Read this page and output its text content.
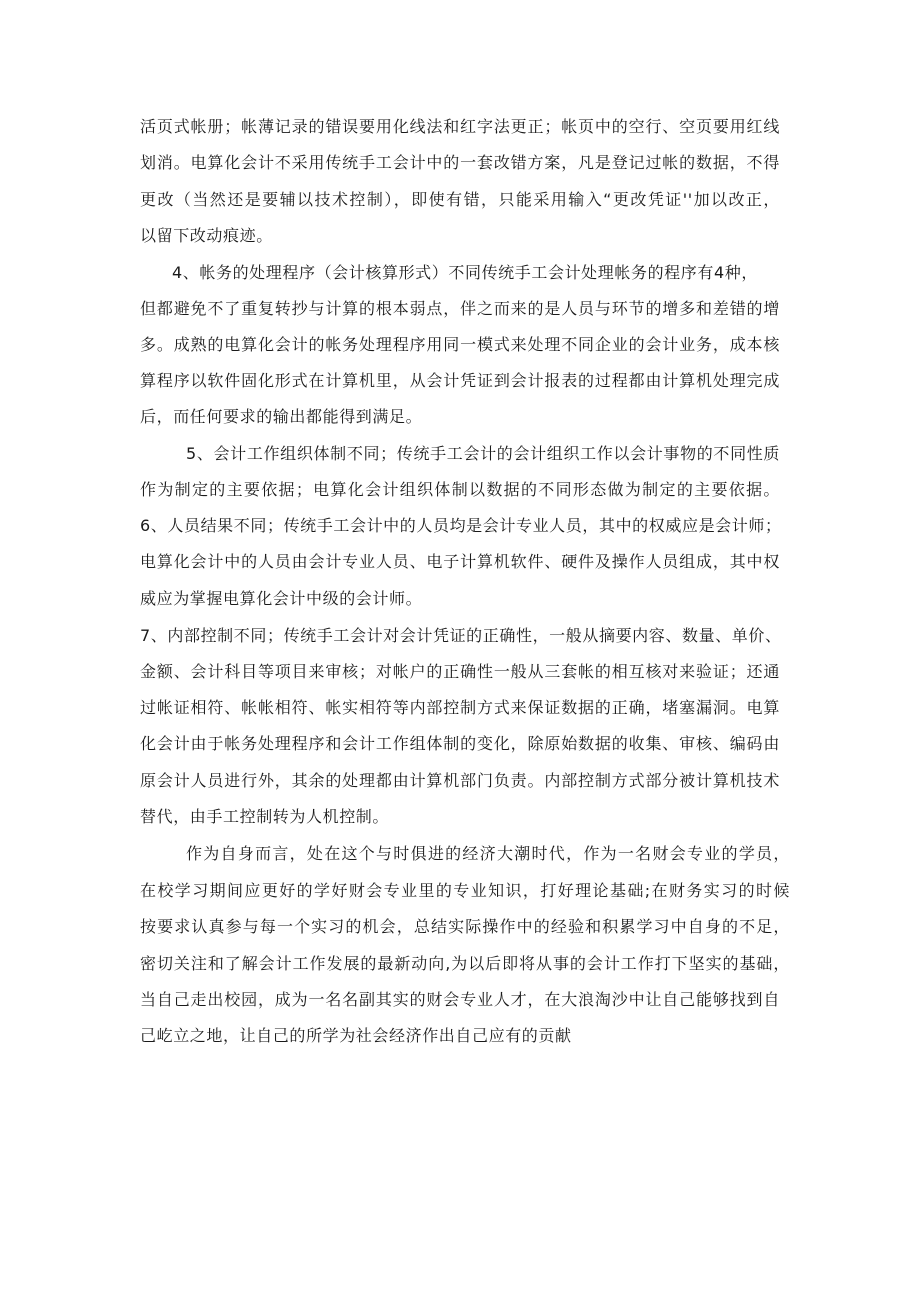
活页式帐册；帐薄记录的错误要用化线法和红字法更正；帐页中的空行、空页要用红线
划消。电算化会计不采用传统手工会计中的一套改错方案，凡是登记过帐的数据，不得
更改（当然还是要辅以技术控制），即使有错，只能采用输入“更改凭证''加以改正，
以留下改动痕迹。
4、帐务的处理程序（会计核算形式）不同传统手工会计处理帐务的程序有4种，
但都避免不了重复转抄与计算的根本弱点，伴之而来的是人员与环节的增多和差错的增
多。成熟的电算化会计的帐务处理程序用同一模式来处理不同企业的会计业务，成本核
算程序以软件固化形式在计算机里，从会计凭证到会计报表的过程都由计算机处理完成
后，而任何要求的输出都能得到满足。
5、会计工作组织体制不同；传统手工会计的会计组织工作以会计事物的不同性质
作为制定的主要依据；电算化会计组织体制以数据的不同形态做为制定的主要依据。
6、人员结果不同；传统手工会计中的人员均是会计专业人员，其中的权威应是会计师；
电算化会计中的人员由会计专业人员、电子计算机软件、硬件及操作人员组成，其中权
威应为掌握电算化会计中级的会计师。
7、内部控制不同；传统手工会计对会计凭证的正确性，一般从摘要内容、数量、单价、
金额、会计科目等项目来审核；对帐户的正确性一般从三套帐的相互核对来验证；还通
过帐证相符、帐帐相符、帐实相符等内部控制方式来保证数据的正确，堵塞漏洞。电算
化会计由于帐务处理程序和会计工作组体制的变化，除原始数据的收集、审核、编码由
原会计人员进行外，其余的处理都由计算机部门负责。内部控制方式部分被计算机技术
替代，由手工控制转为人机控制。
作为自身而言，处在这个与时俱进的经济大潮时代，作为一名财会专业的学员，
在校学习期间应更好的学好财会专业里的专业知识，打好理论基础;在财务实习的时候
按要求认真参与每一个实习的机会，总结实际操作中的经验和积累学习中自身的不足，
密切关注和了解会计工作发展的最新动向,为以后即将从事的会计工作打下坚实的基础，
当自己走出校园，成为一名名副其实的财会专业人才，在大浪淘沙中让自己能够找到自
己屹立之地，让自己的所学为社会经济作出自己应有的贡献
